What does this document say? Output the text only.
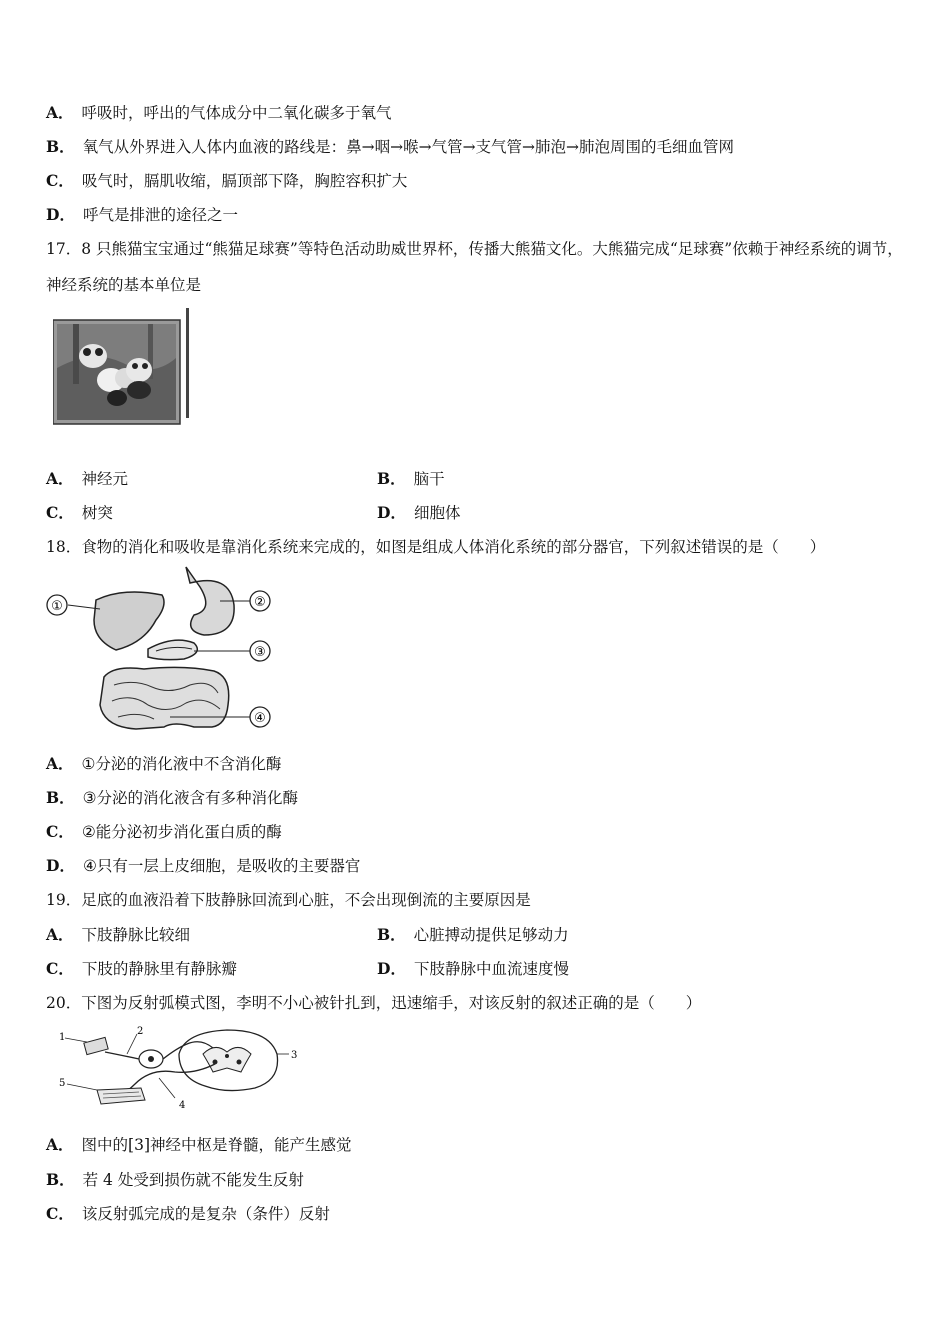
A． 呼吸时，呼出的气体成分中二氧化碳多于氧气
B． 氧气从外界进入人体内血液的路线是：鼻→咽→喉→气管→支气管→肺泡→肺泡周围的毛细血管网
C． 吸气时，膈肌收缩，膈顶部下降，胸腔容积扩大
D． 呼气是排泄的途径之一
17．8 只熊猫宝宝通过“熊猫足球赛”等特色活动助威世界杯，传播大熊猫文化。大熊猫完成“足球赛”依赖于神经系统的调节，神经系统的基本单位是
A． 神经元	B． 脑干
C． 树突	D． 细胞体
18．食物的消化和吸收是靠消化系统来完成的，如图是组成人体消化系统的部分器官，下列叙述错误的是（　　）
①	②
③
④
A． ①分泌的消化液中不含消化酶
B． ③分泌的消化液含有多种消化酶
C． ②能分泌初步消化蛋白质的酶
D． ④只有一层上皮细胞，是吸收的主要器官
19．足底的血液沿着下肢静脉回流到心脏，不会出现倒流的主要原因是
A． 下肢静脉比较细	B． 心脏搏动提供足够动力
C． 下肢的静脉里有静脉瓣	D． 下肢静脉中血流速度慢
20．下图为反射弧模式图，李明不小心被针扎到，迅速缩手，对该反射的叙述正确的是（　　）
1
2
3
4
5
A． 图中的[3]神经中枢是脊髓，能产生感觉
B． 若 4 处受到损伤就不能发生反射
C． 该反射弧完成的是复杂（条件）反射
